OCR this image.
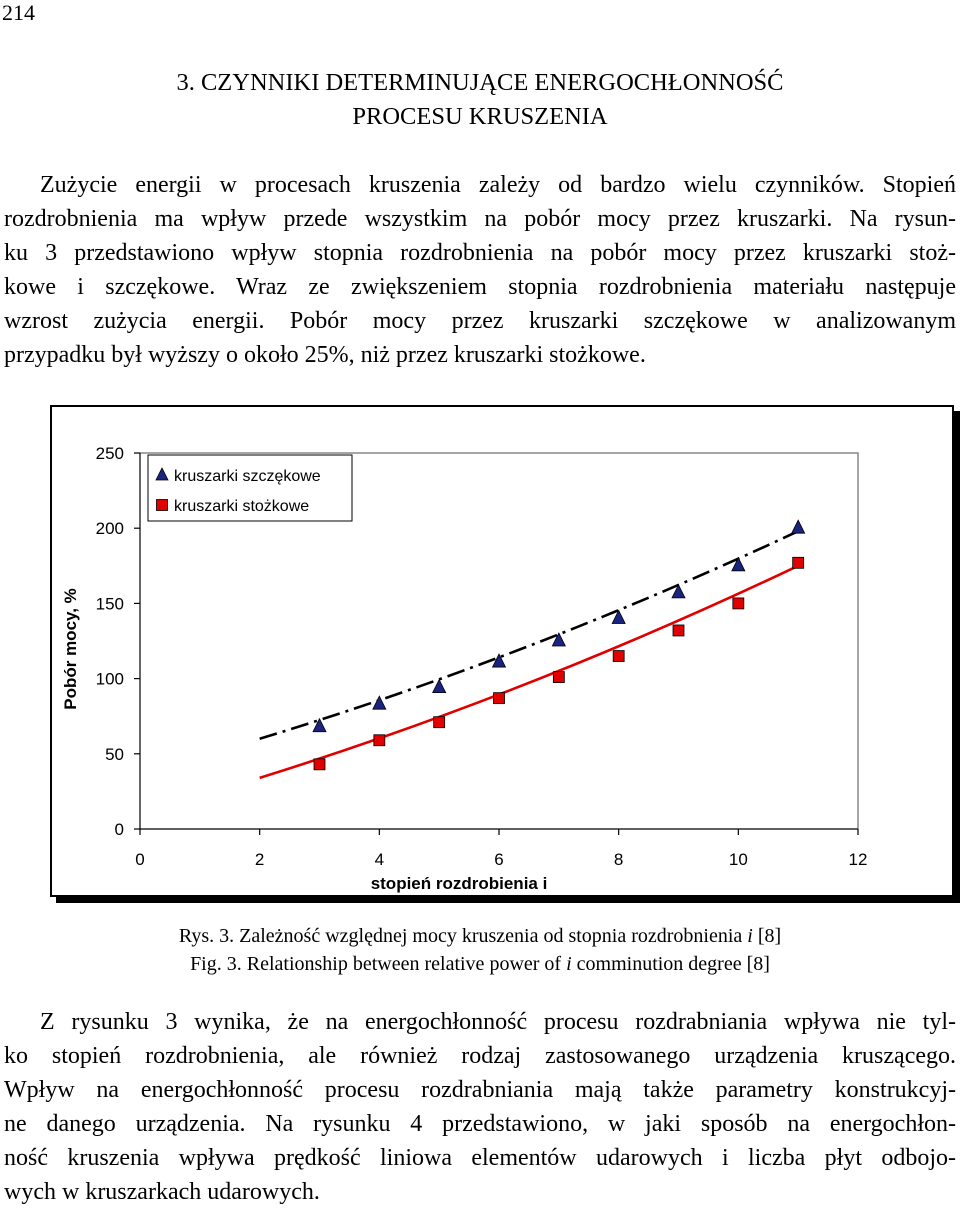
214
3. CZYNNIKI DETERMINUJĄCE ENERGOCHŁONNOŚĆ
PROCESU KRUSZENIA

Zużycie energii w procesach kruszenia zależy od bardzo wielu czynników. Stopień
rozdrobnienia ma wpływ przede wszystkim na pobór mocy przez kruszarki. Na rysun-
ku 3 przedstawiono wpływ stopnia rozdrobnienia na pobór mocy przez kruszarki stoż-
kowe i szczękowe. Wraz ze zwiększeniem stopnia rozdrobnienia materiału następuje
wzrost zużycia energii. Pobór mocy przez kruszarki szczękowe w analizowanym
przypadku był wyższy o około 25%, niż przez kruszarki stożkowe.

0
50
100
150
200
250
0	2	4	6	8	10	12
stopień rozdrobienia i
Pobór mocy, %
kruszarki szczękowe
kruszarki stożkowe
Rys. 3. Zależność względnej mocy kruszenia od stopnia rozdrobnienia i [8]
Fig. 3. Relationship between relative power of i comminution degree [8]

Z rysunku 3 wynika, że na energochłonność procesu rozdrabniania wpływa nie tyl-
ko stopień rozdrobnienia, ale również rodzaj zastosowanego urządzenia kruszącego.
Wpływ na energochłonność procesu rozdrabniania mają także parametry konstrukcyj-
ne danego urządzenia. Na rysunku 4 przedstawiono, w jaki sposób na energochłon-
ność kruszenia wpływa prędkość liniowa elementów udarowych i liczba płyt odbojo-
wych w kruszarkach udarowych.
